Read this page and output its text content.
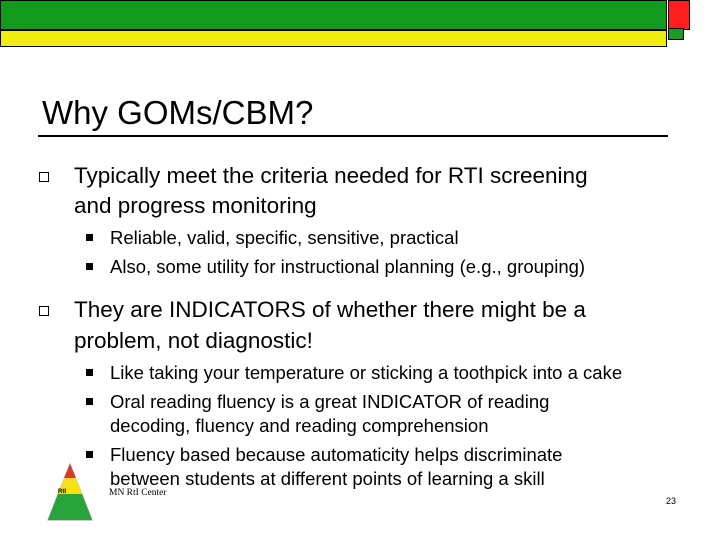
Why GOMs/CBM?
Typically meet the criteria needed for RTI screening
and progress monitoring
Reliable, valid, specific, sensitive, practical
Also, some utility for instructional planning (e.g., grouping)
They are INDICATORS of whether there might be a
problem, not diagnostic!
Like taking your temperature or sticking a toothpick into a cake
Oral reading fluency is a great INDICATOR of reading
decoding, fluency and reading comprehension
Fluency based because automaticity helps discriminate
between students at different points of learning a skill
RtI	MN RtI Center
23
